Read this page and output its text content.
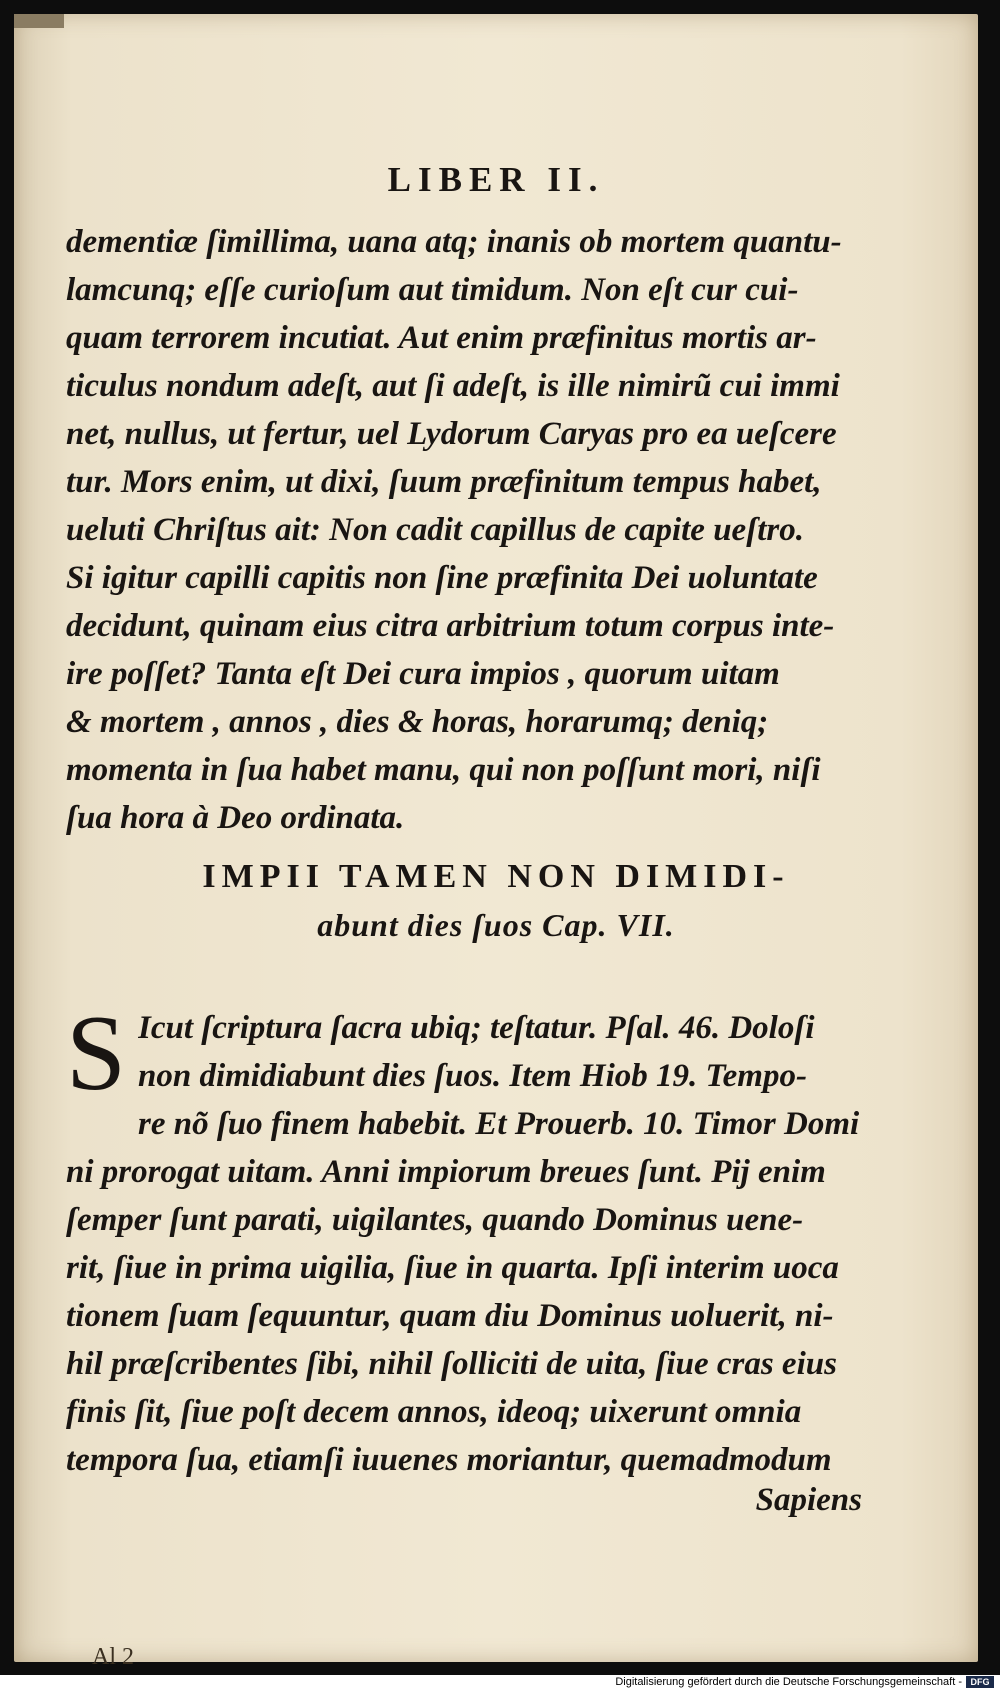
LIBER II.
dementiæ ſimillima, uana atq; inanis ob mortem quantu-
lamcunq; eſſe curioſum aut timidum. Non eſt cur cui-
quam terrorem incutiat. Aut enim præfinitus mortis ar-
ticulus nondum adeſt, aut ſi adeſt, is ille nimirũ cui immi
net, nullus, ut fertur, uel Lydorum Caryas pro ea ueſcere
tur. Mors enim, ut dixi, ſuum præfinitum tempus habet,
ueluti Chriſtus ait: Non cadit capillus de capite ueſtro.
Si igitur capilli capitis non ſine præfinita Dei uoluntate
decidunt, quinam eius citra arbitrium totum corpus inte-
ire poſſet? Tanta eſt Dei cura impios , quorum uitam
& mortem , annos , dies & horas, horarumq; deniq;
momenta in ſua habet manu, qui non poſſunt mori, niſi
ſua hora à Deo ordinata.
IMPII TAMEN NON DIMIDI-
abunt dies ſuos Cap. VII.
S Icut ſcriptura ſacra ubiq; teſtatur. Pſal. 46. Doloſi
non dimidiabunt dies ſuos. Item Hiob 19. Tempo-
re nõ ſuo finem habebit. Et Prouerb. 10. Timor Domi
ni prorogat uitam. Anni impiorum breues ſunt. Pij enim
ſemper ſunt parati, uigilantes, quando Dominus uene-
rit, ſiue in prima uigilia, ſiue in quarta. Ipſi interim uoca
tionem ſuam ſequuntur, quam diu Dominus uoluerit, ni-
hil præſcribentes ſibi, nihil ſolliciti de uita, ſiue cras eius
finis ſit, ſiue poſt decem annos, ideoq; uixerunt omnia
tempora ſua, etiamſi iuuenes moriantur, quemadmodum
Sapiens
Al 2
Digitalisierung gefördert durch die Deutsche Forschungsgemeinschaft - DFG
